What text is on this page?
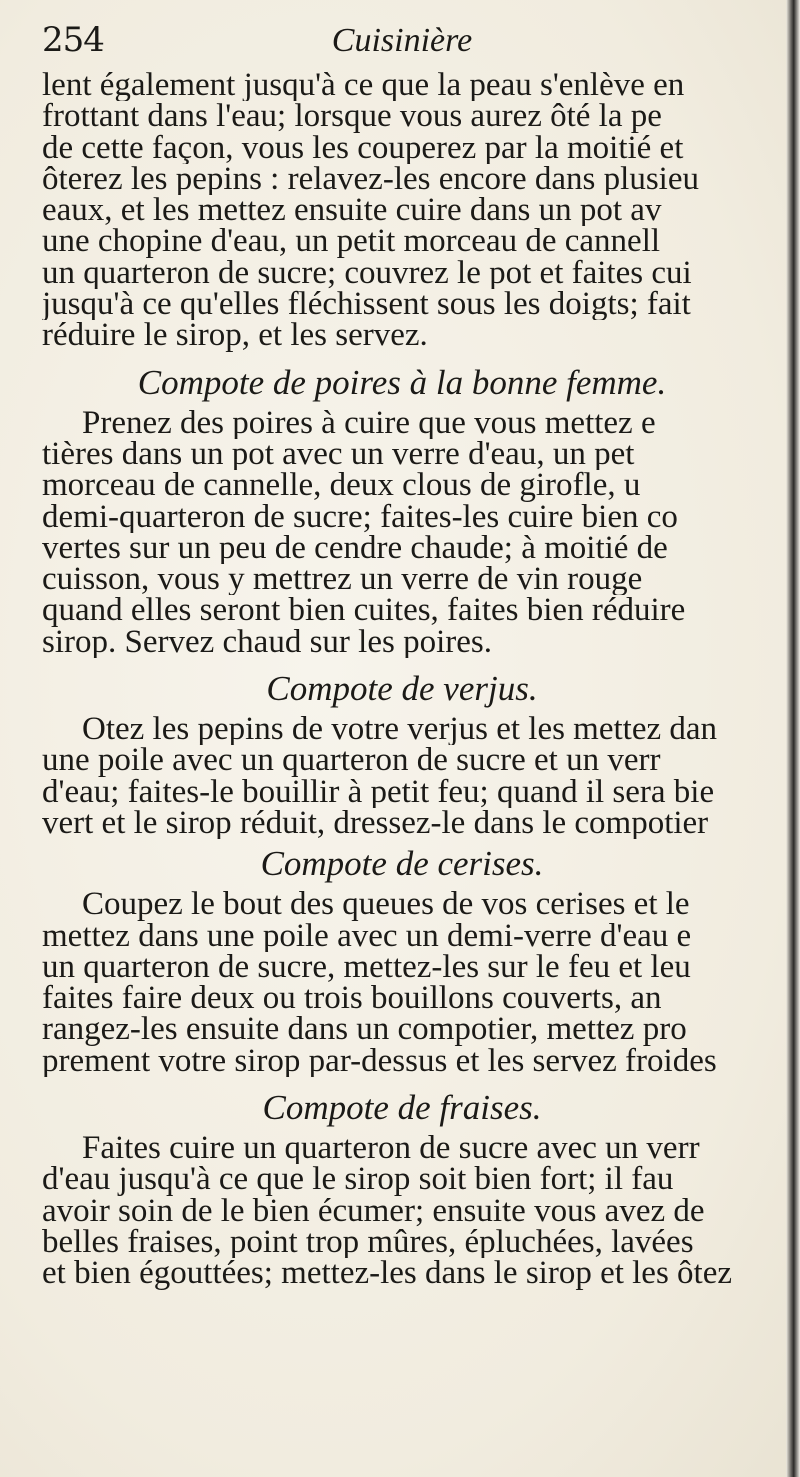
254	Cuisinière
lent également jusqu'à ce que la peau s'enlève en
frottant dans l'eau; lorsque vous aurez ôté la pe
de cette façon, vous les couperez par la moitié et
ôterez les pepins : relavez-les encore dans plusieu
eaux, et les mettez ensuite cuire dans un pot av
une chopine d'eau, un petit morceau de cannell
un quarteron de sucre; couvrez le pot et faites cui
jusqu'à ce qu'elles fléchissent sous les doigts; fait
réduire le sirop, et les servez.
Compote de poires à la bonne femme.
Prenez des poires à cuire que vous mettez e
tières dans un pot avec un verre d'eau, un pet
morceau de cannelle, deux clous de girofle, u
demi-quarteron de sucre; faites-les cuire bien co
vertes sur un peu de cendre chaude; à moitié de
cuisson, vous y mettrez un verre de vin rouge
quand elles seront bien cuites, faites bien réduire
sirop. Servez chaud sur les poires.
Compote de verjus.
Otez les pepins de votre verjus et les mettez dan
une poile avec un quarteron de sucre et un verr
d'eau; faites-le bouillir à petit feu; quand il sera bie
vert et le sirop réduit, dressez-le dans le compotier
Compote de cerises.
Coupez le bout des queues de vos cerises et le
mettez dans une poile avec un demi-verre d'eau e
un quarteron de sucre, mettez-les sur le feu et leu
faites faire deux ou trois bouillons couverts, an
rangez-les ensuite dans un compotier, mettez pro
prement votre sirop par-dessus et les servez froides
Compote de fraises.
Faites cuire un quarteron de sucre avec un verr
d'eau jusqu'à ce que le sirop soit bien fort; il fau
avoir soin de le bien écumer; ensuite vous avez de
belles fraises, point trop mûres, épluchées, lavées
et bien égouttées; mettez-les dans le sirop et les ôtez
